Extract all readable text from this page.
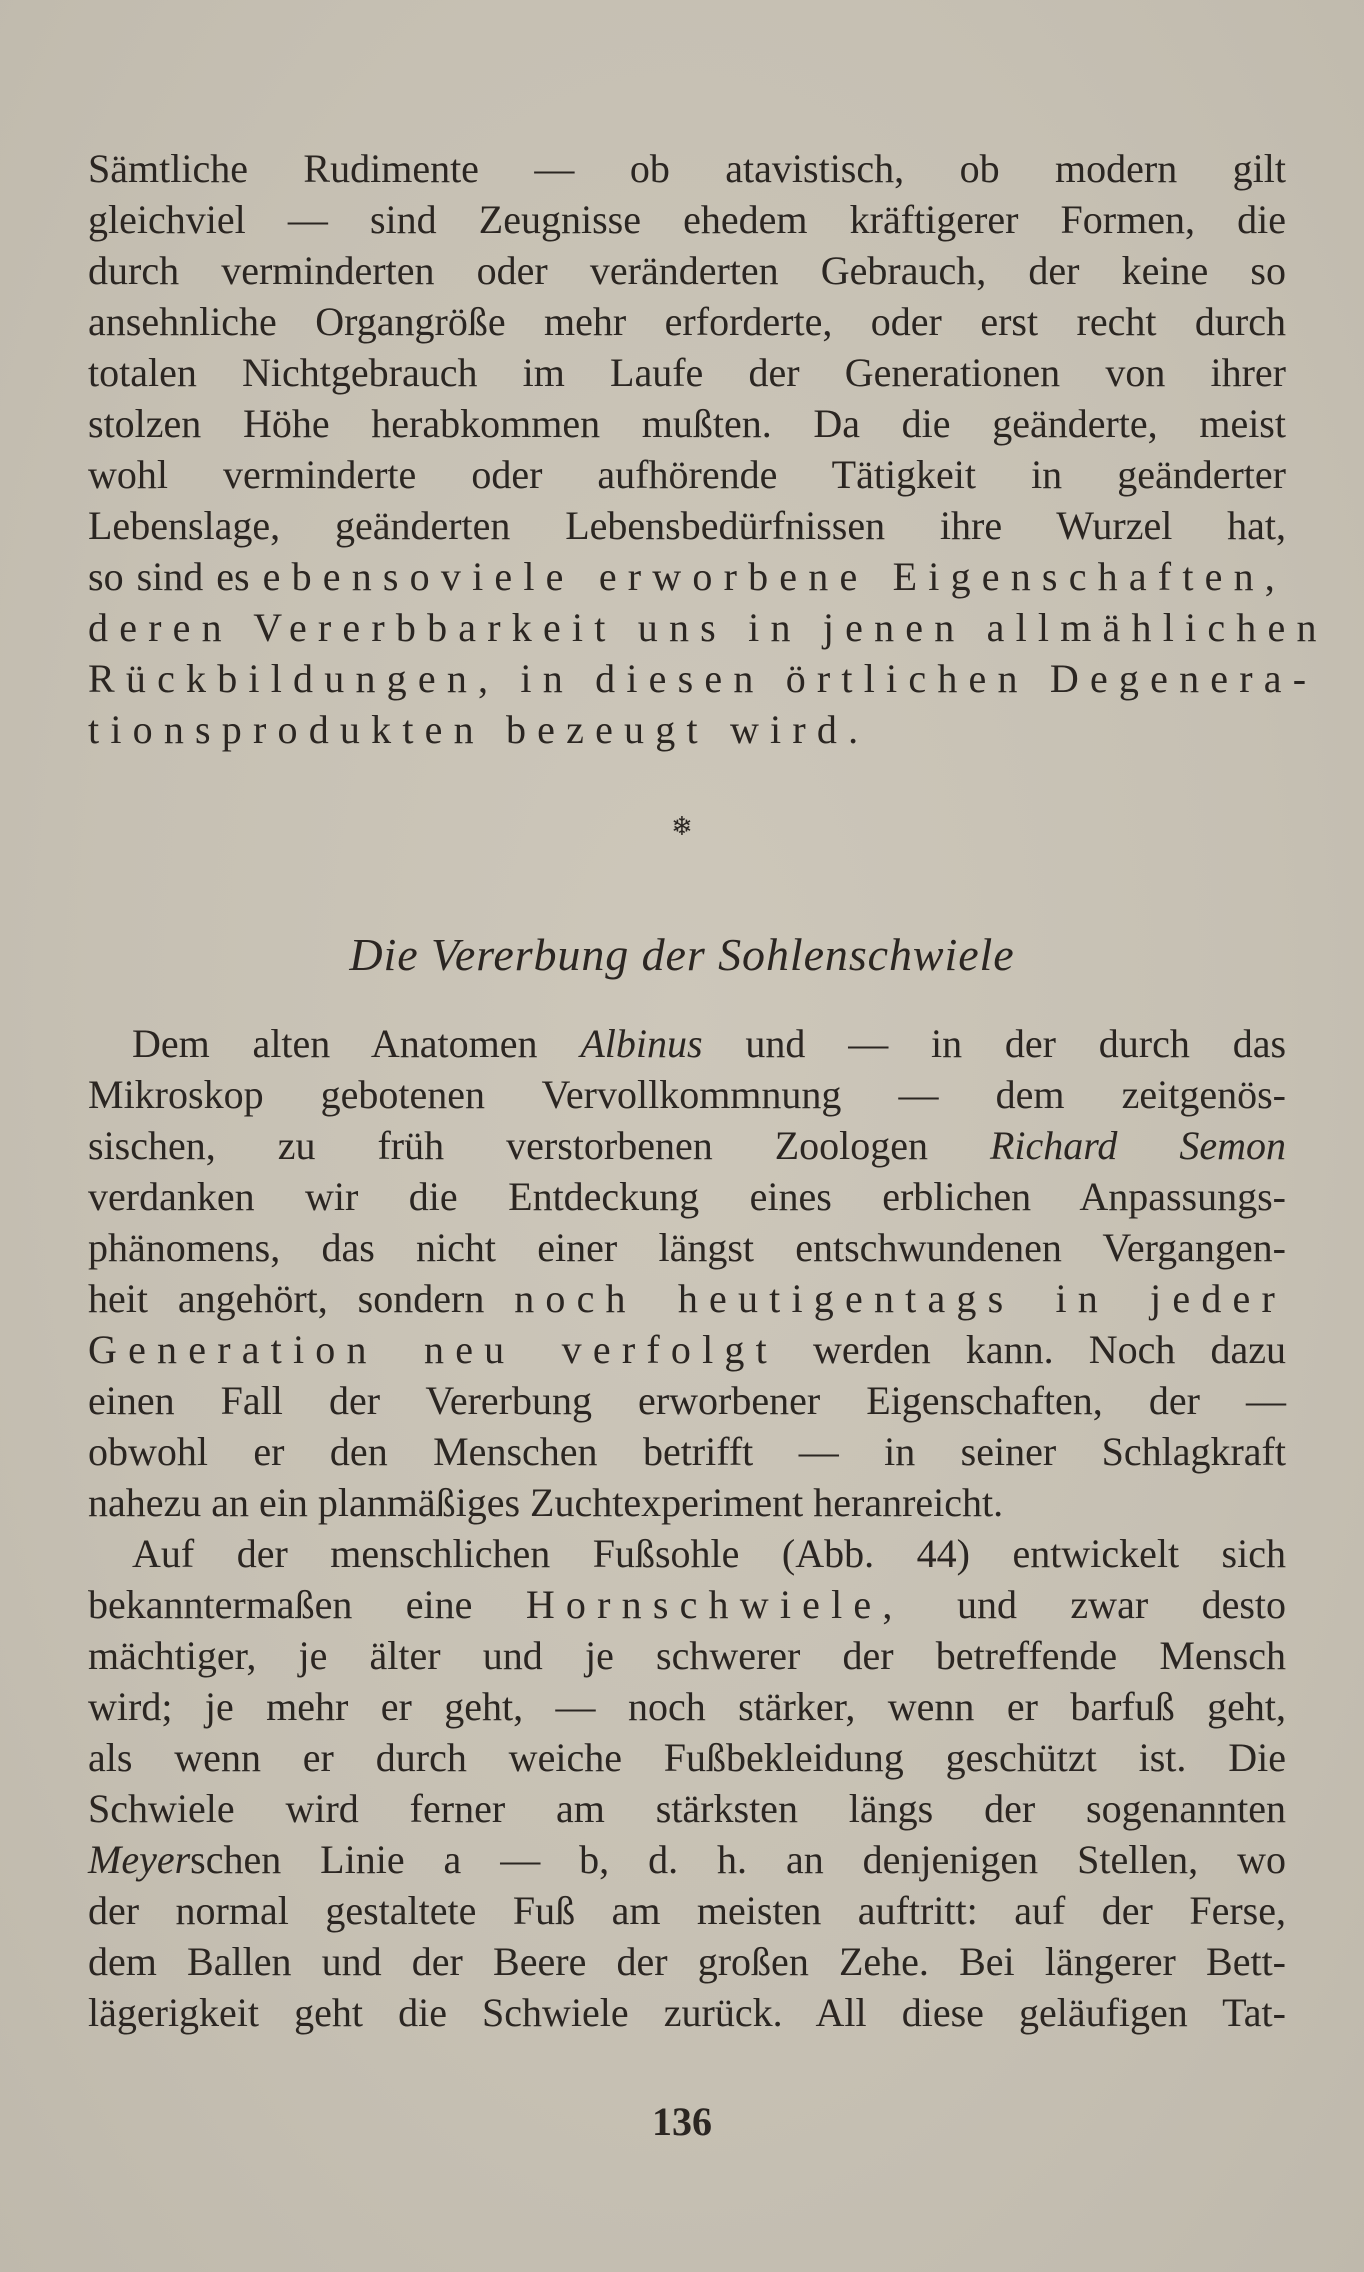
Sämtliche Rudimente — ob atavistisch, ob modern gilt
gleichviel — sind Zeugnisse ehedem kräftigerer Formen, die
durch verminderten oder veränderten Gebrauch, der keine so
ansehnliche Organgröße mehr erforderte, oder erst recht durch
totalen Nichtgebrauch im Laufe der Generationen von ihrer
stolzen Höhe herabkommen mußten. Da die geänderte, meist
wohl verminderte oder aufhörende Tätigkeit in geänderter
Lebenslage, geänderten Lebensbedürfnissen ihre Wurzel hat,
so sind es ebensoviele erworbene Eigenschaften,
deren Vererbbarkeit uns in jenen allmählichen
Rückbildungen, in diesen örtlichen Degenera-
tionsprodukten bezeugt wird.
❄
Die Vererbung der Sohlenschwiele
Dem alten Anatomen Albinus und — in der durch das
Mikroskop gebotenen Vervollkommnung — dem zeitgenös-
sischen, zu früh verstorbenen Zoologen Richard Semon
verdanken wir die Entdeckung eines erblichen Anpassungs-
phänomens, das nicht einer längst entschwundenen Vergangen-
heit angehört, sondern noch heutigentags in jeder
Generation neu verfolgt werden kann. Noch dazu
einen Fall der Vererbung erworbener Eigenschaften, der —
obwohl er den Menschen betrifft — in seiner Schlagkraft
nahezu an ein planmäßiges Zuchtexperiment heranreicht.
Auf der menschlichen Fußsohle (Abb. 44) entwickelt sich
bekanntermaßen eine Hornschwiele, und zwar desto
mächtiger, je älter und je schwerer der betreffende Mensch
wird; je mehr er geht, — noch stärker, wenn er barfuß geht,
als wenn er durch weiche Fußbekleidung geschützt ist. Die
Schwiele wird ferner am stärksten längs der sogenannten
Meyerschen Linie a — b, d. h. an denjenigen Stellen, wo
der normal gestaltete Fuß am meisten auftritt: auf der Ferse,
dem Ballen und der Beere der großen Zehe. Bei längerer Bett-
lägerigkeit geht die Schwiele zurück. All diese geläufigen Tat-
136
